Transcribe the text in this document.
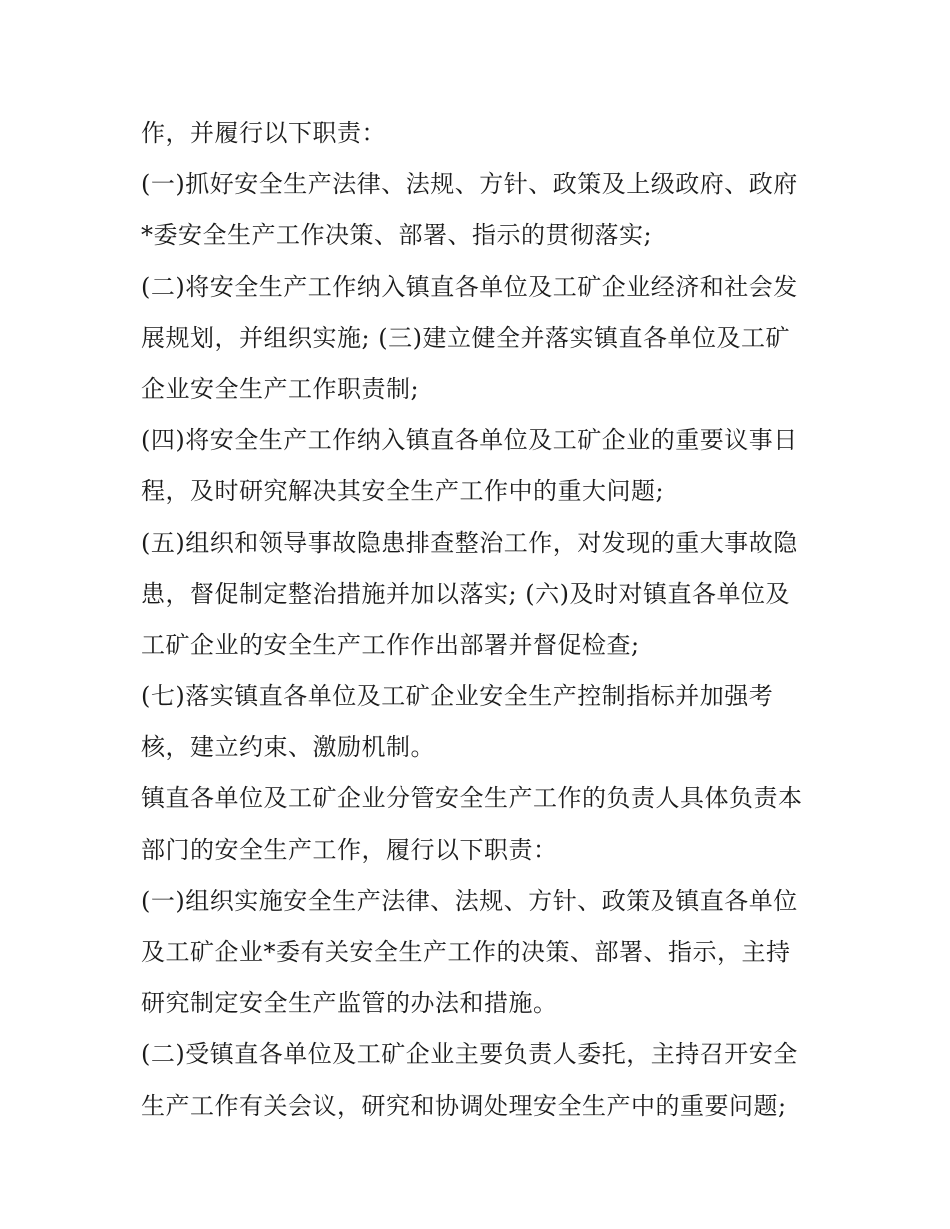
作，并履行以下职责：
(一)抓好安全生产法律、法规、方针、政策及上级政府、政府
*委安全生产工作决策、部署、指示的贯彻落实;
(二)将安全生产工作纳入镇直各单位及工矿企业经济和社会发
展规划，并组织实施; (三)建立健全并落实镇直各单位及工矿
企业安全生产工作职责制;
(四)将安全生产工作纳入镇直各单位及工矿企业的重要议事日
程，及时研究解决其安全生产工作中的重大问题;
(五)组织和领导事故隐患排查整治工作，对发现的重大事故隐
患，督促制定整治措施并加以落实; (六)及时对镇直各单位及
工矿企业的安全生产工作作出部署并督促检查;
(七)落实镇直各单位及工矿企业安全生产控制指标并加强考
核，建立约束、激励机制。
镇直各单位及工矿企业分管安全生产工作的负责人具体负责本
部门的安全生产工作，履行以下职责：
(一)组织实施安全生产法律、法规、方针、政策及镇直各单位
及工矿企业*委有关安全生产工作的决策、部署、指示，主持
研究制定安全生产监管的办法和措施。
(二)受镇直各单位及工矿企业主要负责人委托，主持召开安全
生产工作有关会议，研究和协调处理安全生产中的重要问题;
